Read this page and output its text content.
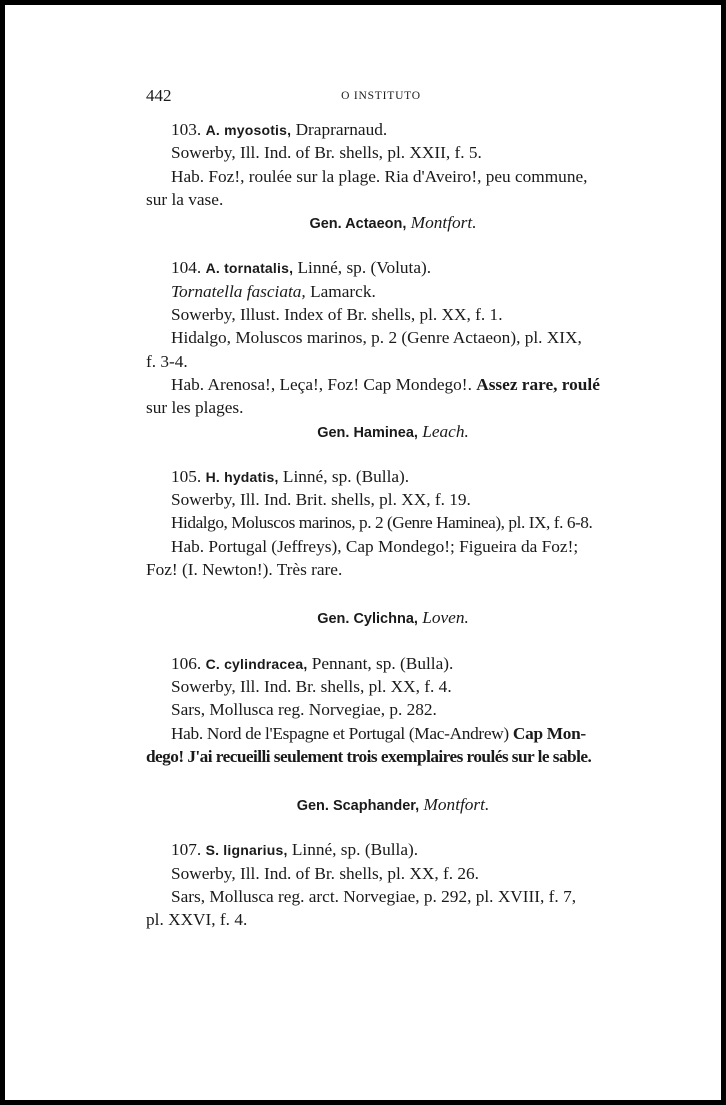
442	O INSTITUTO
103. A. myosotis, Draprarnaud.
Sowerby, Ill. Ind. of Br. shells, pl. XXII, f. 5.
Hab. Foz!, roulée sur la plage. Ria d'Aveiro!, peu commune,
sur la vase.
Gen. Actaeon, Montfort.
104. A. tornatalis, Linné, sp. (Voluta).
Tornatella fasciata, Lamarck.
Sowerby, Illust. Index of Br. shells, pl. XX, f. 1.
Hidalgo, Moluscos marinos, p. 2 (Genre Actaeon), pl. XIX,
f. 3-4.
Hab. Arenosa!, Leça!, Foz! Cap Mondego!. Assez rare, roulé
sur les plages.
Gen. Haminea, Leach.
105. H. hydatis, Linné, sp. (Bulla).
Sowerby, Ill. Ind. Brit. shells, pl. XX, f. 19.
Hidalgo, Moluscos marinos, p. 2 (Genre Haminea), pl. IX, f. 6-8.
Hab. Portugal (Jeffreys), Cap Mondego!; Figueira da Foz!;
Foz! (I. Newton!). Très rare.
Gen. Cylichna, Loven.
106. C. cylindracea, Pennant, sp. (Bulla).
Sowerby, Ill. Ind. Br. shells, pl. XX, f. 4.
Sars, Mollusca reg. Norvegiae, p. 282.
Hab. Nord de l'Espagne et Portugal (Mac-Andrew) Cap Mon-
dego! J'ai recueilli seulement trois exemplaires roulés sur le sable.
Gen. Scaphander, Montfort.
107. S. lignarius, Linné, sp. (Bulla).
Sowerby, Ill. Ind. of Br. shells, pl. XX, f. 26.
Sars, Mollusca reg. arct. Norvegiae, p. 292, pl. XVIII, f. 7,
pl. XXVI, f. 4.
